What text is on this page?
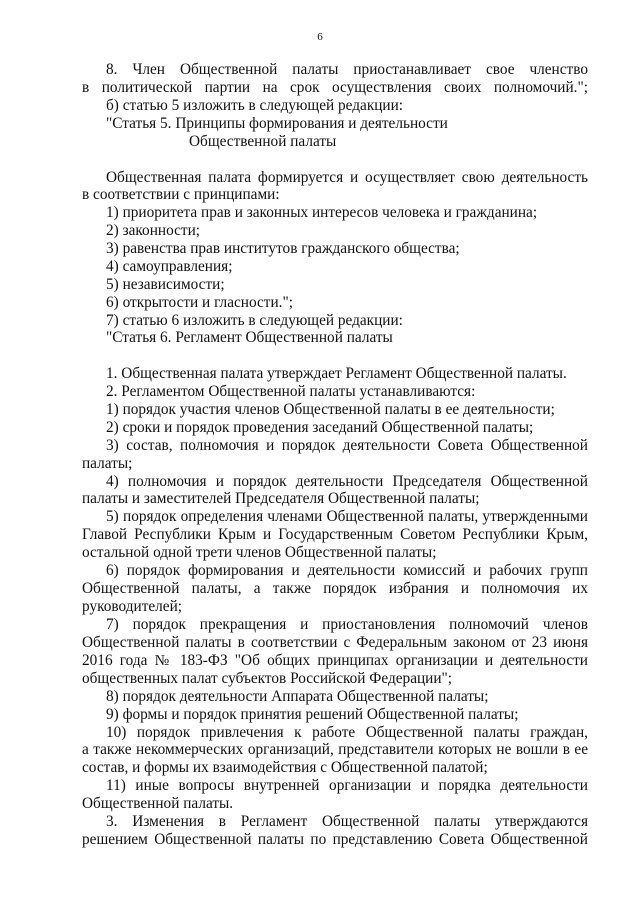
6
8. Член Общественной палаты приостанавливает свое членство
в политической партии на срок осуществления своих полномочий.";
б) статью 5 изложить в следующей редакции:
"Статья 5. Принципы формирования и деятельности
Общественной палаты
Общественная палата формируется и осуществляет свою деятельность
в соответствии с принципами:
1) приоритета прав и законных интересов человека и гражданина;
2) законности;
3) равенства прав институтов гражданского общества;
4) самоуправления;
5) независимости;
6) открытости и гласности.";
7) статью 6 изложить в следующей редакции:
"Статья 6. Регламент Общественной палаты
1. Общественная палата утверждает Регламент Общественной палаты.
2. Регламентом Общественной палаты устанавливаются:
1) порядок участия членов Общественной палаты в ее деятельности;
2) сроки и порядок проведения заседаний Общественной палаты;
3) состав, полномочия и порядок деятельности Совета Общественной
палаты;
4) полномочия и порядок деятельности Председателя Общественной
палаты и заместителей Председателя Общественной палаты;
5) порядок определения членами Общественной палаты, утвержденными
Главой Республики Крым и Государственным Советом Республики Крым,
остальной одной трети членов Общественной палаты;
6) порядок формирования и деятельности комиссий и рабочих групп
Общественной палаты, а также порядок избрания и полномочия их
руководителей;
7) порядок прекращения и приостановления полномочий членов
Общественной палаты в соответствии с Федеральным законом от 23 июня
2016 года № 183-ФЗ "Об общих принципах организации и деятельности
общественных палат субъектов Российской Федерации";
8) порядок деятельности Аппарата Общественной палаты;
9) формы и порядок принятия решений Общественной палаты;
10) порядок привлечения к работе Общественной палаты граждан,
а также некоммерческих организаций, представители которых не вошли в ее
состав, и формы их взаимодействия с Общественной палатой;
11) иные вопросы внутренней организации и порядка деятельности
Общественной палаты.
3. Изменения в Регламент Общественной палаты утверждаются
решением Общественной палаты по представлению Совета Общественной
